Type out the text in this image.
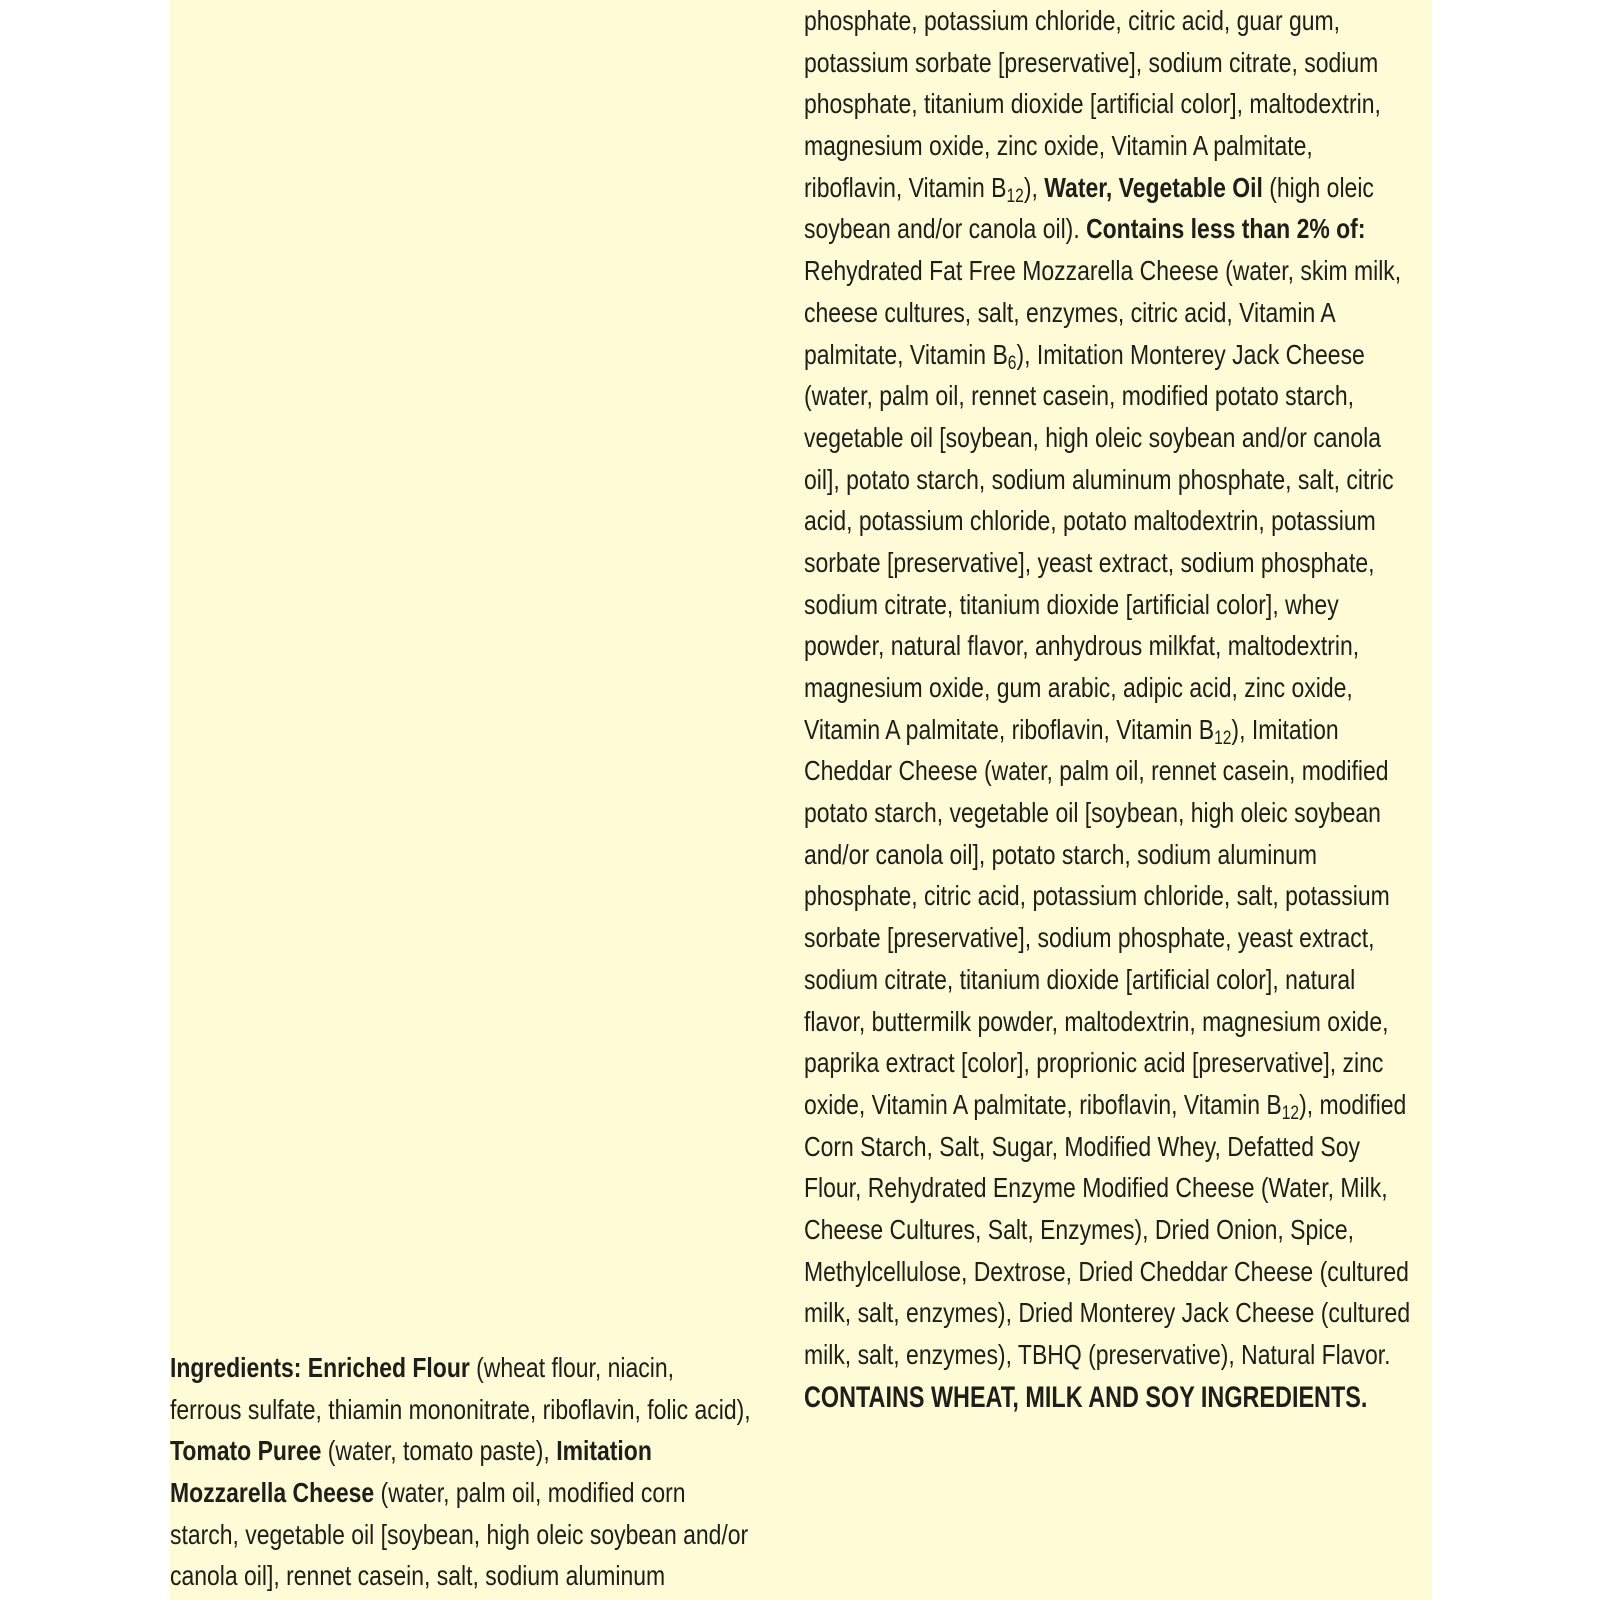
Ingredients: Enriched Flour (wheat flour, niacin,
ferrous sulfate, thiamin mononitrate, riboflavin, folic acid),
Tomato Puree (water, tomato paste), Imitation
Mozzarella Cheese (water, palm oil, modified corn
starch, vegetable oil [soybean, high oleic soybean and/or
canola oil], rennet casein, salt, sodium aluminum
phosphate, potassium chloride, citric acid, guar gum,
potassium sorbate [preservative], sodium citrate, sodium
phosphate, titanium dioxide [artificial color], maltodextrin,
magnesium oxide, zinc oxide, Vitamin A palmitate,
riboflavin, Vitamin $B_{12}$), Water, Vegetable Oil (high oleic
soybean and/or canola oil). Contains less than 2% of:
Rehydrated Fat Free Mozzarella Cheese (water, skim milk,
cheese cultures, salt, enzymes, citric acid, Vitamin A
palmitate, Vitamin $B_6$), Imitation Monterey Jack Cheese
(water, palm oil, rennet casein, modified potato starch,
vegetable oil [soybean, high oleic soybean and/or canola
oil], potato starch, sodium aluminum phosphate, salt, citric
acid, potassium chloride, potato maltodextrin, potassium
sorbate [preservative], yeast extract, sodium phosphate,
sodium citrate, titanium dioxide [artificial color], whey
powder, natural flavor, anhydrous milkfat, maltodextrin,
magnesium oxide, gum arabic, adipic acid, zinc oxide,
Vitamin A palmitate, riboflavin, Vitamin $B_{12}$), Imitation
Cheddar Cheese (water, palm oil, rennet casein, modified
potato starch, vegetable oil [soybean, high oleic soybean
and/or canola oil], potato starch, sodium aluminum
phosphate, citric acid, potassium chloride, salt, potassium
sorbate [preservative], sodium phosphate, yeast extract,
sodium citrate, titanium dioxide [artificial color], natural
flavor, buttermilk powder, maltodextrin, magnesium oxide,
paprika extract [color], proprionic acid [preservative], zinc
oxide, Vitamin A palmitate, riboflavin, Vitamin $B_{12}$), modified
Corn Starch, Salt, Sugar, Modified Whey, Defatted Soy
Flour, Rehydrated Enzyme Modified Cheese (Water, Milk,
Cheese Cultures, Salt, Enzymes), Dried Onion, Spice,
Methylcellulose, Dextrose, Dried Cheddar Cheese (cultured
milk, salt, enzymes), Dried Monterey Jack Cheese (cultured
milk, salt, enzymes), TBHQ (preservative), Natural Flavor.
CONTAINS WHEAT, MILK AND SOY INGREDIENTS.
